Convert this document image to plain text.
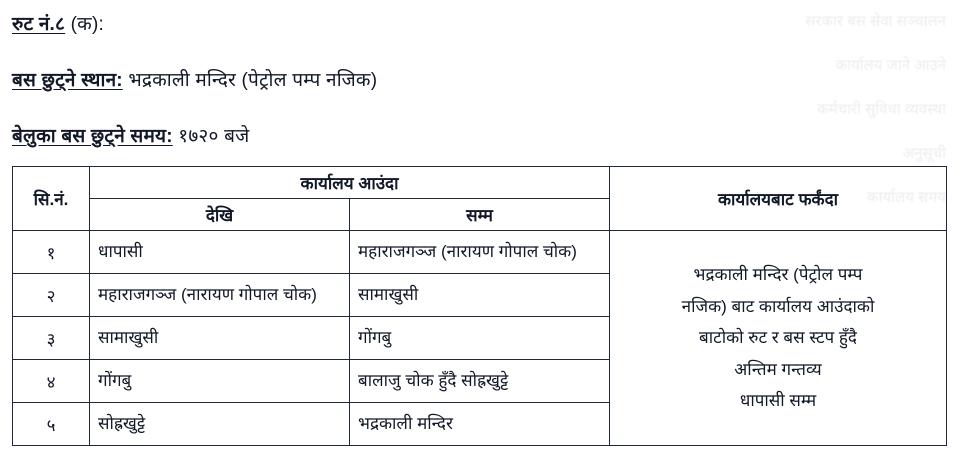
सरकार बस सेवा सञ्चालन
कार्यालय जाने आउने
कर्मचारी सुविधा व्यवस्था
अनुसूची
कार्यालय समय
रुट नं.८ (क):
बस छुट्ने स्थान: भद्रकाली मन्दिर (पेट्रोल पम्प नजिक)
बेलुका बस छुट्ने समय: १७२० बजे
सि.नं.	कार्यालय आउंदा		कार्यालयबाट फर्कंदा
	देखि	सम्म	
१	धापासी	महाराजगञ्ज (नारायण गोपाल चोक)	भद्रकाली मन्दिर (पेट्रोल पम्प
नजिक) बाट कार्यालय आउंदाको
बाटोको रुट र बस स्टप हुँदै
अन्तिम गन्तव्य
धापासी सम्म

२	महाराजगञ्ज (नारायण गोपाल चोक)	सामाखुसी	
३	सामाखुसी	गोंगबु	
४	गोंगबु	बालाजु चोक हुँदै सोह्रखुट्टे	
५	सोह्रखुट्टे	भद्रकाली मन्दिर	
